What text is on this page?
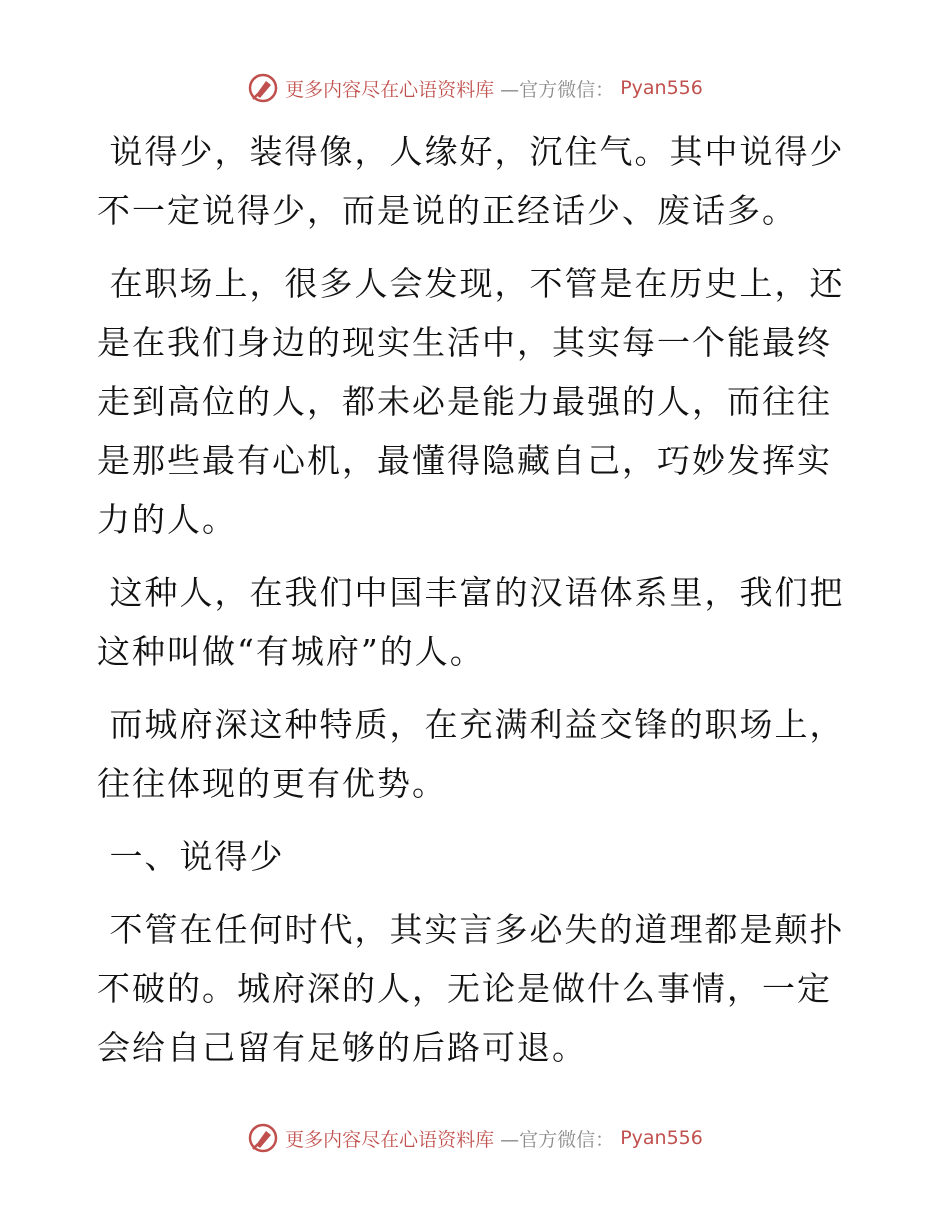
更多内容尽在心语资料库 —官方微信： Pyan556

说得少，装得像，人缘好，沉住气。其中说得少不一定说得少，而是说的正经话少、废话多。

在职场上，很多人会发现，不管是在历史上，还是在我们身边的现实生活中，其实每一个能最终走到高位的人，都未必是能力最强的人，而往往是那些最有心机，最懂得隐藏自己，巧妙发挥实力的人。

这种人，在我们中国丰富的汉语体系里，我们把这种叫做“有城府”的人。

而城府深这种特质，在充满利益交锋的职场上，往往体现的更有优势。

一、说得少

不管在任何时代，其实言多必失的道理都是颠扑不破的。城府深的人，无论是做什么事情，一定会给自己留有足够的后路可退。

更多内容尽在心语资料库 —官方微信： Pyan556
